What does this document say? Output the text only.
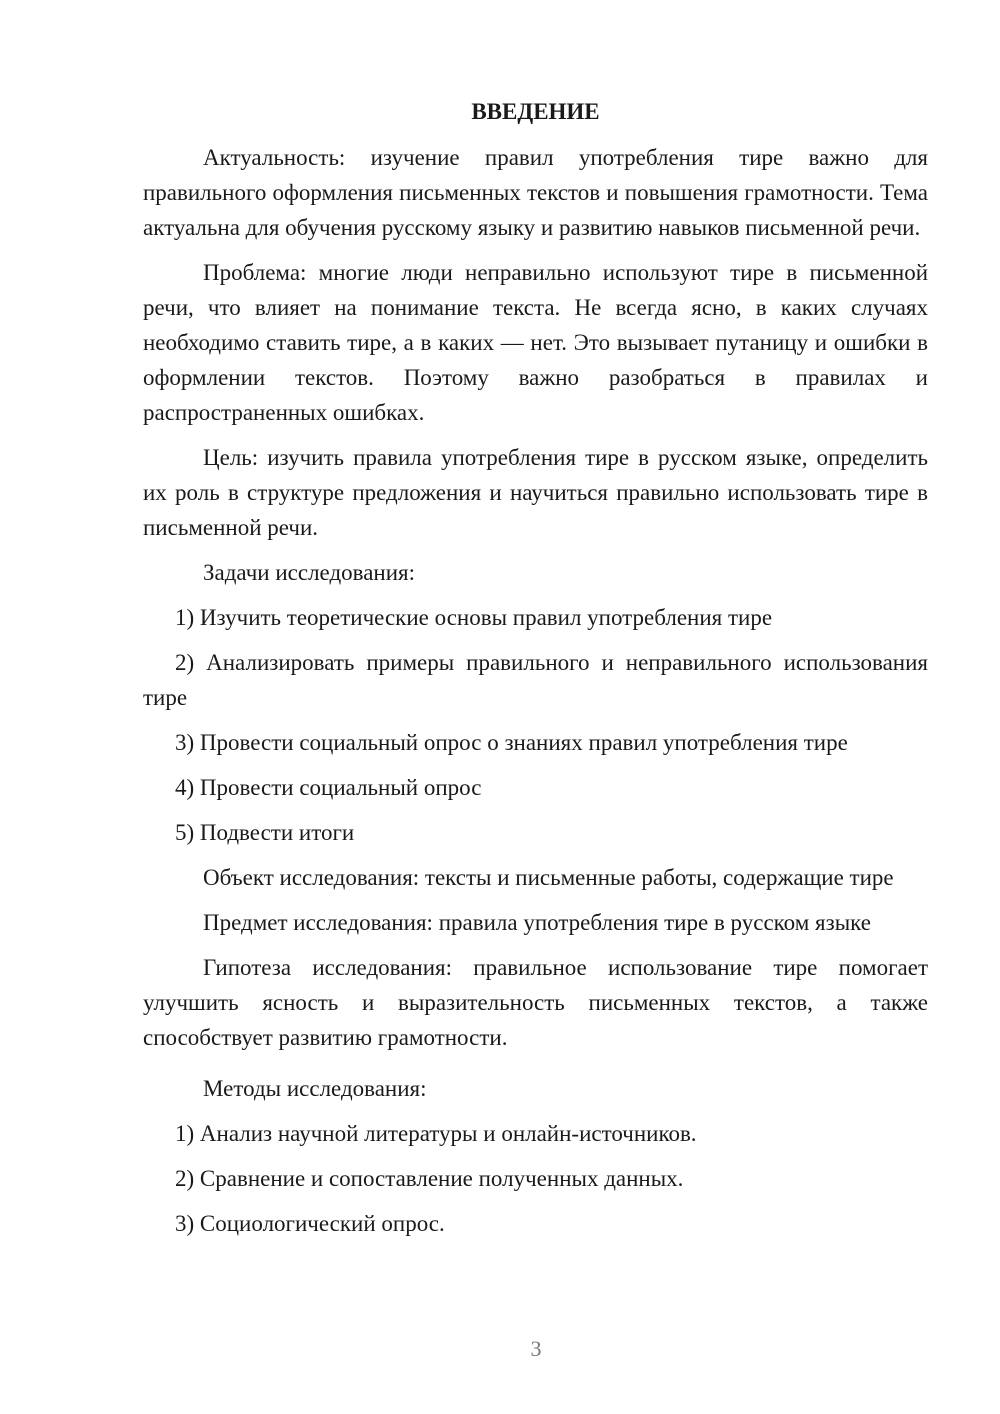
ВВЕДЕНИЕ
Актуальность: изучение правил употребления тире важно для правильного оформления письменных текстов и повышения грамотности. Тема актуальна для обучения русскому языку и развитию навыков письменной речи.
Проблема: многие люди неправильно используют тире в письменной речи, что влияет на понимание текста. Не всегда ясно, в каких случаях необходимо ставить тире, а в каких — нет. Это вызывает путаницу и ошибки в оформлении текстов. Поэтому важно разобраться в правилах и распространенных ошибках.
Цель: изучить правила употребления тире в русском языке, определить их роль в структуре предложения и научиться правильно использовать тире в письменной речи.
Задачи исследования:
1) Изучить теоретические основы правил употребления тире
2) Анализировать примеры правильного и неправильного использования тире
3) Провести социальный опрос о знаниях правил употребления тире
4) Провести социальный опрос
5) Подвести итоги
Объект исследования: тексты и письменные работы, содержащие тире
Предмет исследования: правила употребления тире в русском языке
Гипотеза исследования: правильное использование тире помогает улучшить ясность и выразительность письменных текстов, а также способствует развитию грамотности.
Методы исследования:
1) Анализ научной литературы и онлайн-источников.
2) Сравнение и сопоставление полученных данных.
3) Социологический опрос.
3
